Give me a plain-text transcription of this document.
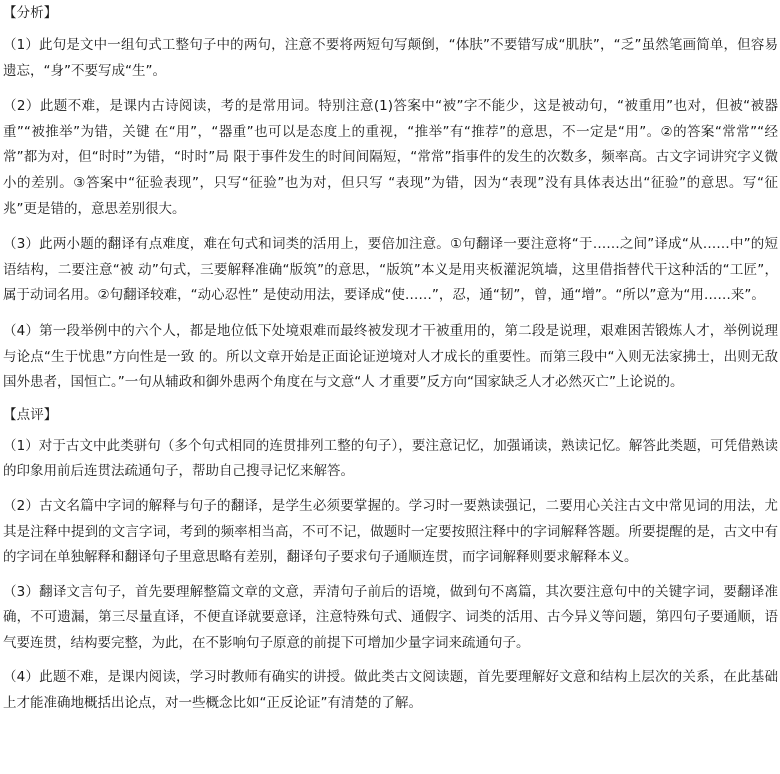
【分析】

（1）此句是文中一组句式工整句子中的两句，注意不要将两短句写颠倒，“体肤”不要错写成“肌肤”，“乏”虽然笔画简单，但容易遗忘，“身”不要写成“生”。

（2）此题不难，是课内古诗阅读，考的是常用词。特别注意(1)答案中“被”字不能少，这是被动句，“被重用”也对，但被“被器重”“被推举”为错，关键 在“用”，“器重”也可以是态度上的重视，“推举”有“推荐”的意思，不一定是“用”。②的答案“常常”“经常”都为对，但“时时”为错，“时时”局 限于事件发生的时间间隔短，“常常”指事件的发生的次数多，频率高。古文字词讲究字义微小的差别。③答案中“征验表现”，只写“征验”也为对，但只写 “表现”为错，因为“表现”没有具体表达出“征验”的意思。写“征兆”更是错的，意思差别很大。

（3）此两小题的翻译有点难度，难在句式和词类的活用上，要倍加注意。①句翻译一要注意将“于……之间”译成“从……中”的短语结构，二要注意“被 动”句式，三要解释准确“版筑”的意思，“版筑”本义是用夹板灌泥筑墙，这里借指替代干这种活的“工匠”，属于动词名用。②句翻译较难，“动心忍性” 是使动用法，要译成“使……”，忍，通“韧”，曾，通“增”。“所以”意为“用……来”。

（4）第一段举例中的六个人，都是地位低下处境艰难而最终被发现才干被重用的，第二段是说理，艰难困苦锻炼人才，举例说理与论点“生于忧患”方向性是一致 的。所以文章开始是正面论证逆境对人才成长的重要性。而第三段中“入则无法家拂士，出则无敌国外患者，国恒亡。”一句从辅政和御外患两个角度在与文意“人 才重要”反方向“国家缺乏人才必然灭亡”上论说的。

【点评】

（1）对于古文中此类骈句（多个句式相同的连贯排列工整的句子），要注意记忆，加强诵读，熟读记忆。解答此类题，可凭借熟读的印象用前后连贯法疏通句子，帮助自己搜寻记忆来解答。

（2）古文名篇中字词的解释与句子的翻译，是学生必须要掌握的。学习时一要熟读强记，二要用心关注古文中常见词的用法，尤其是注释中提到的文言字词，考到的频率相当高，不可不记，做题时一定要按照注释中的字词解释答题。所要提醒的是，古文中有的字词在单独解释和翻译句子里意思略有差别，翻译句子要求句子通顺连贯，而字词解释则要求解释本义。

（3）翻译文言句子，首先要理解整篇文章的文意，弄清句子前后的语境，做到句不离篇，其次要注意句中的关键字词，要翻译准确，不可遗漏，第三尽量直译，不便直译就要意译，注意特殊句式、通假字、词类的活用、古今异义等问题，第四句子要通顺，语气要连贯，结构要完整，为此，在不影响句子原意的前提下可增加少量字词来疏通句子。

（4）此题不难，是课内阅读，学习时教师有确实的讲授。做此类古文阅读题，首先要理解好文意和结构上层次的关系，在此基础上才能准确地概括出论点，对一些概念比如“正反论证”有清楚的了解。
